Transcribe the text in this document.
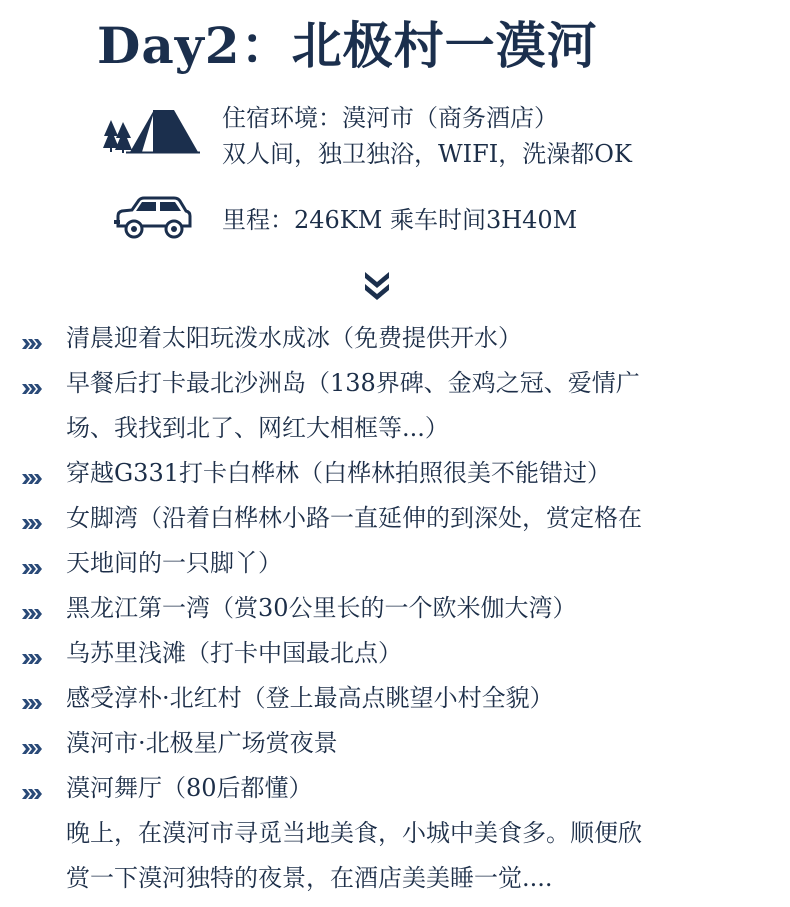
Day2：北极村一漠河
住宿环境：漠河市（商务酒店）
双人间，独卫独浴，WIFI，洗澡都OK
里程：246KM 乘车时间3H40M
清晨迎着太阳玩泼水成冰（免费提供开水）
早餐后打卡最北沙洲岛（138界碑、金鸡之冠、爱情广
场、我找到北了、网红大相框等...）
穿越G331打卡白桦林（白桦林拍照很美不能错过）
女脚湾（沿着白桦林小路一直延伸的到深处，赏定格在
天地间的一只脚丫）
黑龙江第一湾（赏30公里长的一个欧米伽大湾）
乌苏里浅滩（打卡中国最北点）
感受淳朴·北红村（登上最高点眺望小村全貌）
漠河市·北极星广场赏夜景
漠河舞厅（80后都懂）
晚上，在漠河市寻觅当地美食，小城中美食多。顺便欣
赏一下漠河独特的夜景，在酒店美美睡一觉....
